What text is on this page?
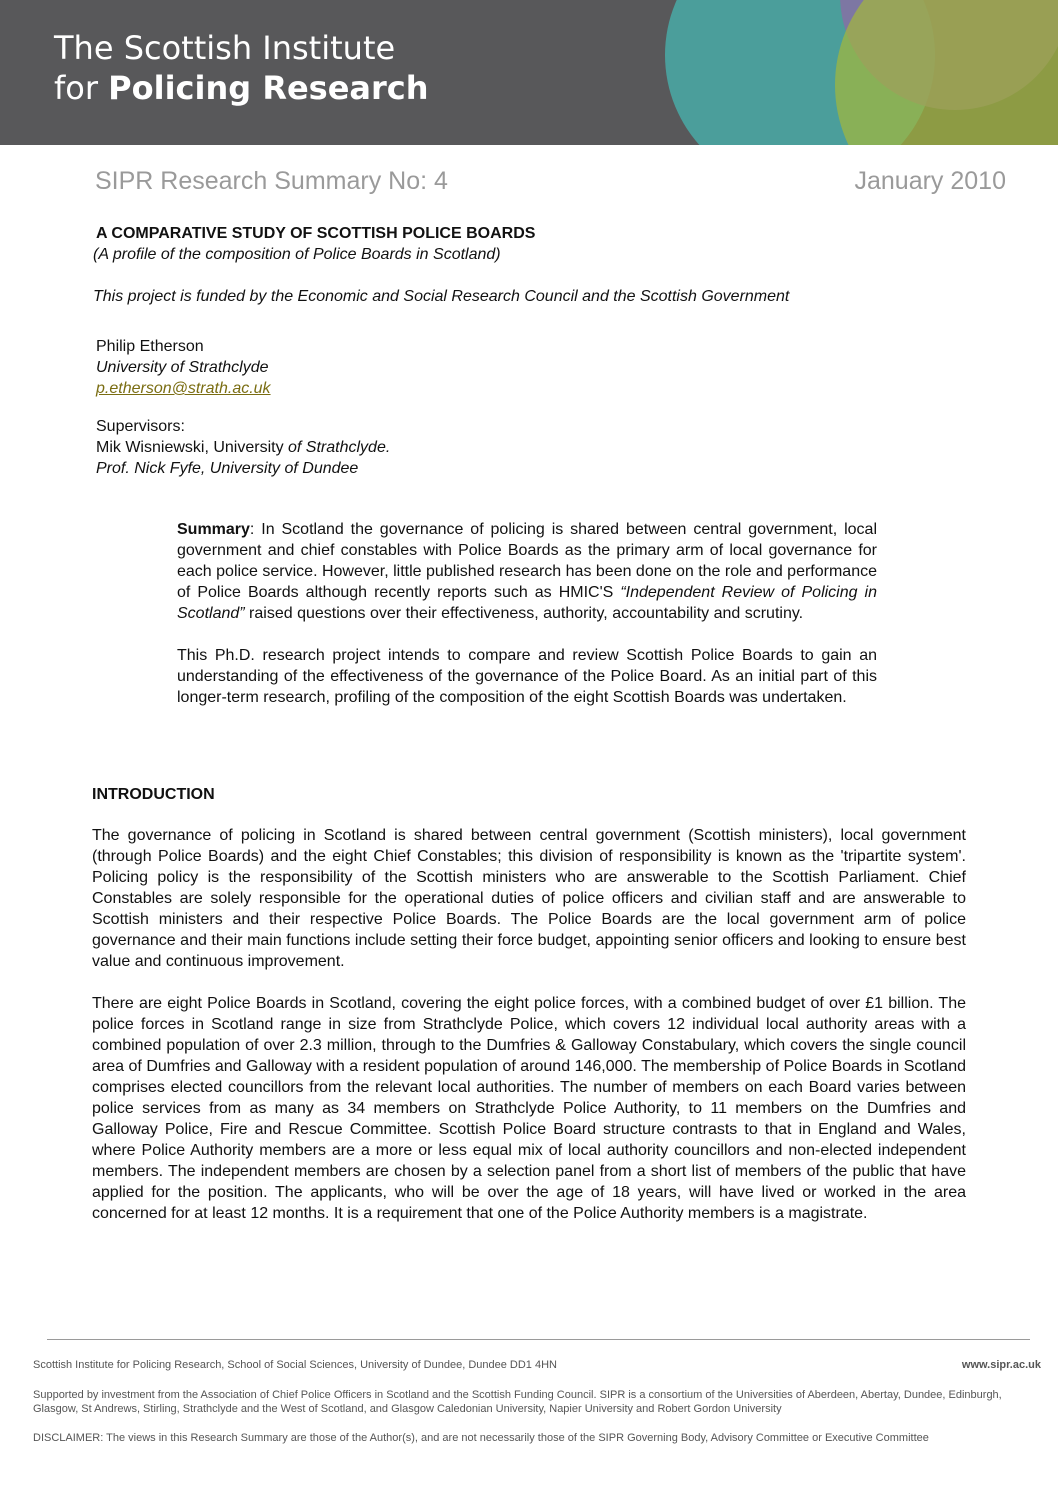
The Scottish Institute
for Policing Research
SIPR Research Summary No: 4	January 2010
A COMPARATIVE STUDY OF SCOTTISH POLICE BOARDS
(A profile of the composition of Police Boards in Scotland)
This project is funded by the Economic and Social Research Council and the Scottish Government
Philip Etherson
University of Strathclyde
p.etherson@strath.ac.uk
Supervisors:
Mik Wisniewski, University of Strathclyde.
Prof. Nick Fyfe, University of Dundee

Summary: In Scotland the governance of policing is shared between central government, local government and chief constables with Police Boards as the primary arm of local governance for each police service. However, little published research has been done on the role and performance of Police Boards although recently reports such as HMIC'S “Independent Review of Policing in Scotland” raised questions over their effectiveness, authority, accountability and scrutiny.

This Ph.D. research project intends to compare and review Scottish Police Boards to gain an understanding of the effectiveness of the governance of the Police Board. As an initial part of this longer-term research, profiling of the composition of the eight Scottish Boards was undertaken.

INTRODUCTION

The governance of policing in Scotland is shared between central government (Scottish ministers), local government (through Police Boards) and the eight Chief Constables; this division of responsibility is known as the 'tripartite system'. Policing policy is the responsibility of the Scottish ministers who are answerable to the Scottish Parliament. Chief Constables are solely responsible for the operational duties of police officers and civilian staff and are answerable to Scottish ministers and their respective Police Boards. The Police Boards are the local government arm of police governance and their main functions include setting their force budget, appointing senior officers and looking to ensure best value and continuous improvement.

There are eight Police Boards in Scotland, covering the eight police forces, with a combined budget of over £1 billion. The police forces in Scotland range in size from Strathclyde Police, which covers 12 individual local authority areas with a combined population of over 2.3 million, through to the Dumfries & Galloway Constabulary, which covers the single council area of Dumfries and Galloway with a resident population of around 146,000. The membership of Police Boards in Scotland comprises elected councillors from the relevant local authorities. The number of members on each Board varies between police services from as many as 34 members on Strathclyde Police Authority, to 11 members on the Dumfries and Galloway Police, Fire and Rescue Committee. Scottish Police Board structure contrasts to that in England and Wales, where Police Authority members are a more or less equal mix of local authority councillors and non-elected independent members. The independent members are chosen by a selection panel from a short list of members of the public that have applied for the position. The applicants, who will be over the age of 18 years, will have lived or worked in the area concerned for at least 12 months. It is a requirement that one of the Police Authority members is a magistrate.

Scottish Institute for Policing Research, School of Social Sciences, University of Dundee, Dundee DD1 4HN	www.sipr.ac.uk
Supported by investment from the Association of Chief Police Officers in Scotland and the Scottish Funding Council. SIPR is a consortium of the Universities of Aberdeen, Abertay, Dundee, Edinburgh, Glasgow, St Andrews, Stirling, Strathclyde and the West of Scotland, and Glasgow Caledonian University, Napier University and Robert Gordon University
DISCLAIMER: The views in this Research Summary are those of the Author(s), and are not necessarily those of the SIPR Governing Body, Advisory Committee or Executive Committee
